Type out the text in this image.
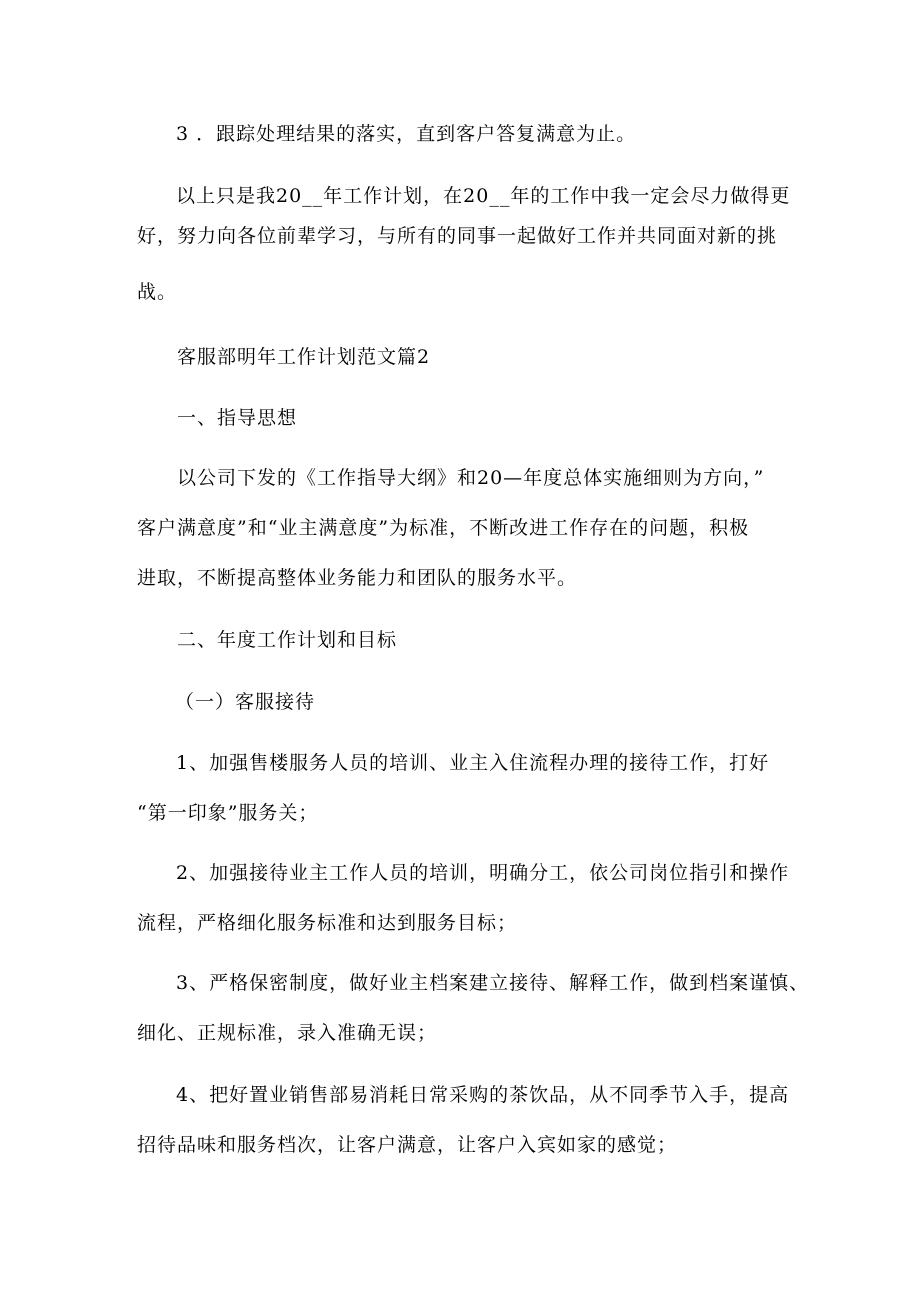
3 ．跟踪处理结果的落实，直到客户答复满意为止。
以上只是我20__年工作计划，在20__年的工作中我一定会尽力做得更
好，努力向各位前辈学习，与所有的同事一起做好工作并共同面对新的挑
战。
客服部明年工作计划范文篇2
一、指导思想
以公司下发的《工作指导大纲》和20—年度总体实施细则为方向，”
客户满意度”和“业主满意度”为标准，不断改进工作存在的问题，积极
进取，不断提高整体业务能力和团队的服务水平。
二、年度工作计划和目标
（一）客服接待
1、加强售楼服务人员的培训、业主入住流程办理的接待工作，打好
“第一印象”服务关；
2、加强接待业主工作人员的培训，明确分工，依公司岗位指引和操作
流程，严格细化服务标准和达到服务目标；
3、严格保密制度，做好业主档案建立接待、解释工作，做到档案谨慎、
细化、正规标准，录入准确无误；
4、把好置业销售部易消耗日常采购的茶饮品，从不同季节入手，提高
招待品味和服务档次，让客户满意，让客户入宾如家的感觉；
